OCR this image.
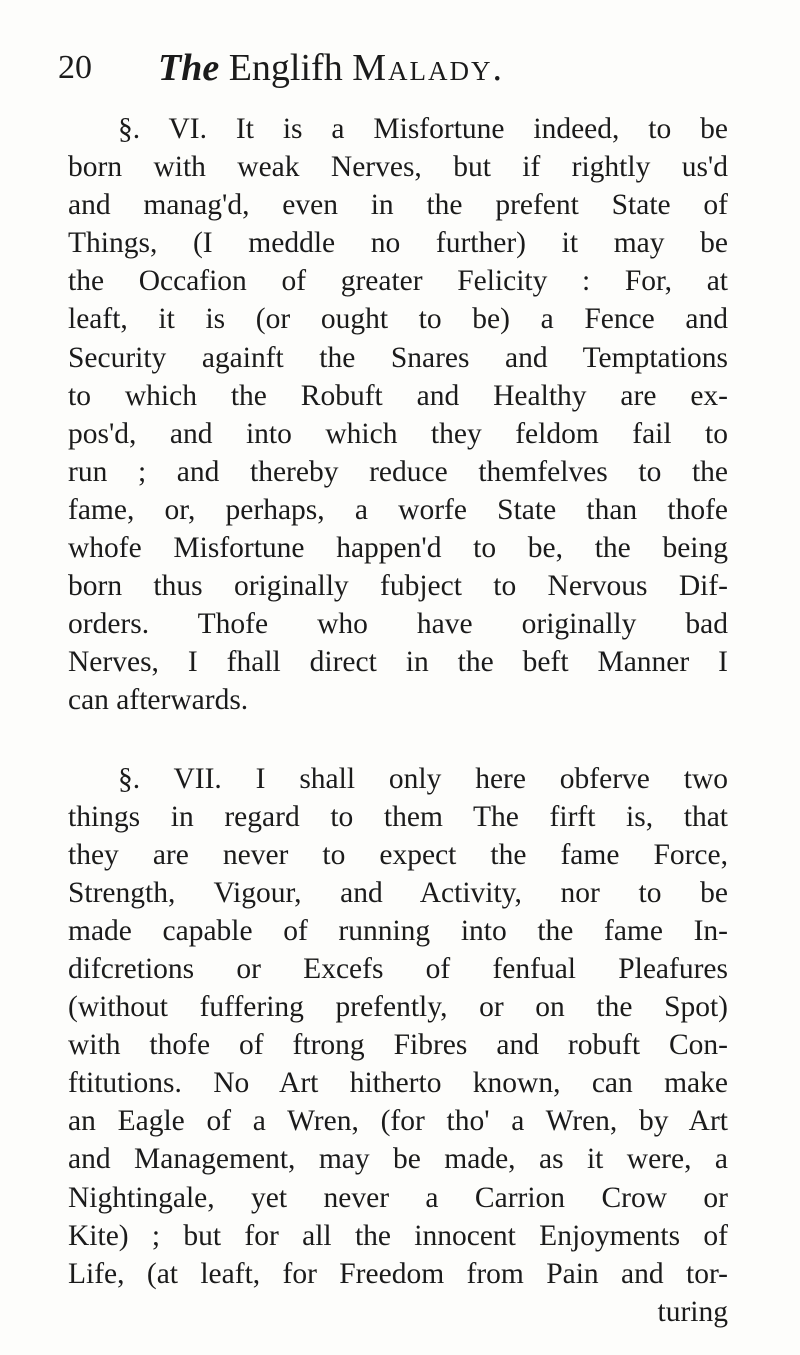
20 The Englifh Malady.
§. VI. It is a Misfortune indeed, to be
born with weak Nerves, but if rightly us'd
and manag'd, even in the prefent State of
Things, (I meddle no further) it may be
the Occafion of greater Felicity : For, at
leaft, it is (or ought to be) a Fence and
Security againft the Snares and Temptations
to which the Robuft and Healthy are ex-
pos'd, and into which they feldom fail to
run ; and thereby reduce themfelves to the
fame, or, perhaps, a worfe State than thofe
whofe Misfortune happen'd to be, the being
born thus originally fubject to Nervous Dif-
orders. Thofe who have originally bad
Nerves, I fhall direct in the beft Manner I
can afterwards.
§. VII. I shall only here obferve two
things in regard to them The firft is, that
they are never to expect the fame Force,
Strength, Vigour, and Activity, nor to be
made capable of running into the fame In-
difcretions or Excefs of fenfual Pleafures
(without fuffering prefently, or on the Spot)
with thofe of ftrong Fibres and robuft Con-
ftitutions. No Art hitherto known, can make
an Eagle of a Wren, (for tho' a Wren, by Art
and Management, may be made, as it were, a
Nightingale, yet never a Carrion Crow or
Kite) ; but for all the innocent Enjoyments of
Life, (at leaft, for Freedom from Pain and tor-
turing
